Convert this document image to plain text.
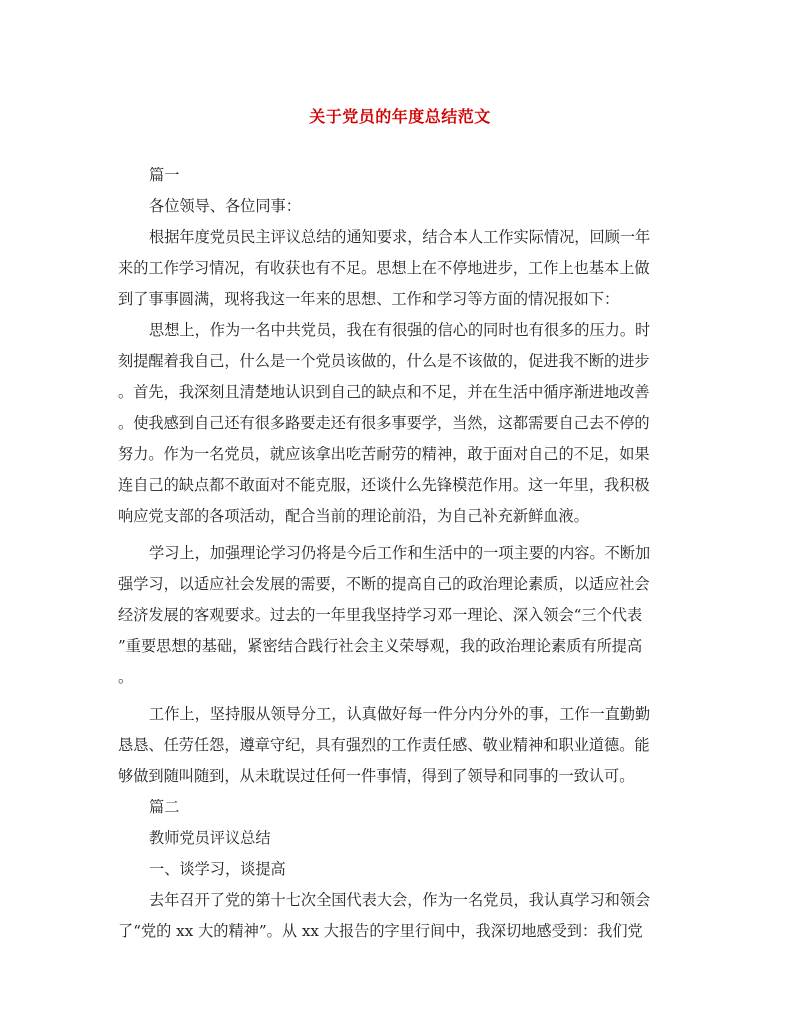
关于党员的年度总结范文
篇一
各位领导、各位同事：
根据年度党员民主评议总结的通知要求，结合本人工作实际情况，回顾一年
来的工作学习情况，有收获也有不足。思想上在不停地进步，工作上也基本上做
到了事事圆满，现将我这一年来的思想、工作和学习等方面的情况报如下：
思想上，作为一名中共党员，我在有很强的信心的同时也有很多的压力。时
刻提醒着我自己，什么是一个党员该做的，什么是不该做的，促进我不断的进步
。首先，我深刻且清楚地认识到自己的缺点和不足，并在生活中循序渐进地改善
。使我感到自己还有很多路要走还有很多事要学，当然，这都需要自己去不停的
努力。作为一名党员，就应该拿出吃苦耐劳的精神，敢于面对自己的不足，如果
连自己的缺点都不敢面对不能克服，还谈什么先锋模范作用。这一年里，我积极
响应党支部的各项活动，配合当前的理论前沿，为自己补充新鲜血液。
学习上，加强理论学习仍将是今后工作和生活中的一项主要的内容。不断加
强学习，以适应社会发展的需要，不断的提高自己的政治理论素质，以适应社会
经济发展的客观要求。过去的一年里我坚持学习邓一理论、深入领会“三个代表
”重要思想的基础，紧密结合践行社会主义荣辱观，我的政治理论素质有所提高
。
工作上，坚持服从领导分工，认真做好每一件分内分外的事，工作一直勤勤
恳恳、任劳任怨，遵章守纪，具有强烈的工作责任感、敬业精神和职业道德。能
够做到随叫随到，从未耽误过任何一件事情，得到了领导和同事的一致认可。
篇二
教师党员评议总结
一、谈学习，谈提高
去年召开了党的第十七次全国代表大会，作为一名党员，我认真学习和领会
了“党的 xx 大的精神”。从 xx 大报告的字里行间中，我深切地感受到：我们党
